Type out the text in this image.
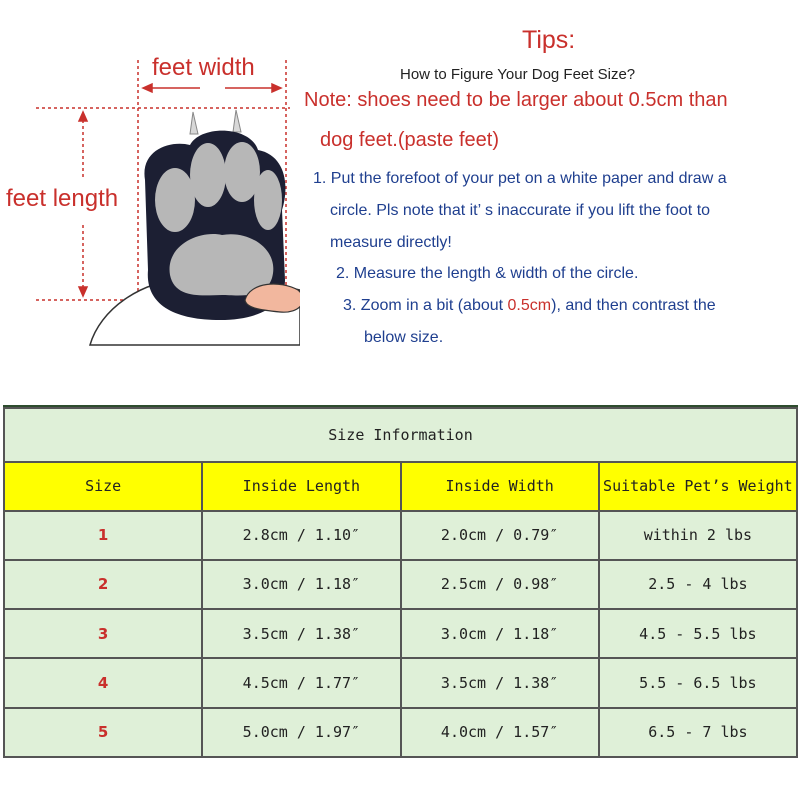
feet width
feet length
Tips:
How to Figure Your Dog Feet Size?
Note: shoes need to be larger about 0.5cm than
dog feet.(paste feet)
1. Put the forefoot of your pet on a white paper and draw a
circle. Pls note that it’ s inaccurate if you lift the foot to
measure directly!
2. Measure the length & width of the circle.
3. Zoom in a bit (about 0.5cm), and then contrast the
below size.
Size Information			
Size	Inside Length	Inside Width	Suitable Pet’s Weight
1	2.8cm / 1.10″	2.0cm / 0.79″	within 2 lbs
2	3.0cm / 1.18″	2.5cm / 0.98″	2.5 - 4 lbs
3	3.5cm / 1.38″	3.0cm / 1.18″	4.5 - 5.5 lbs
4	4.5cm / 1.77″	3.5cm / 1.38″	5.5 - 6.5 lbs
5	5.0cm / 1.97″	4.0cm / 1.57″	6.5 - 7 lbs
